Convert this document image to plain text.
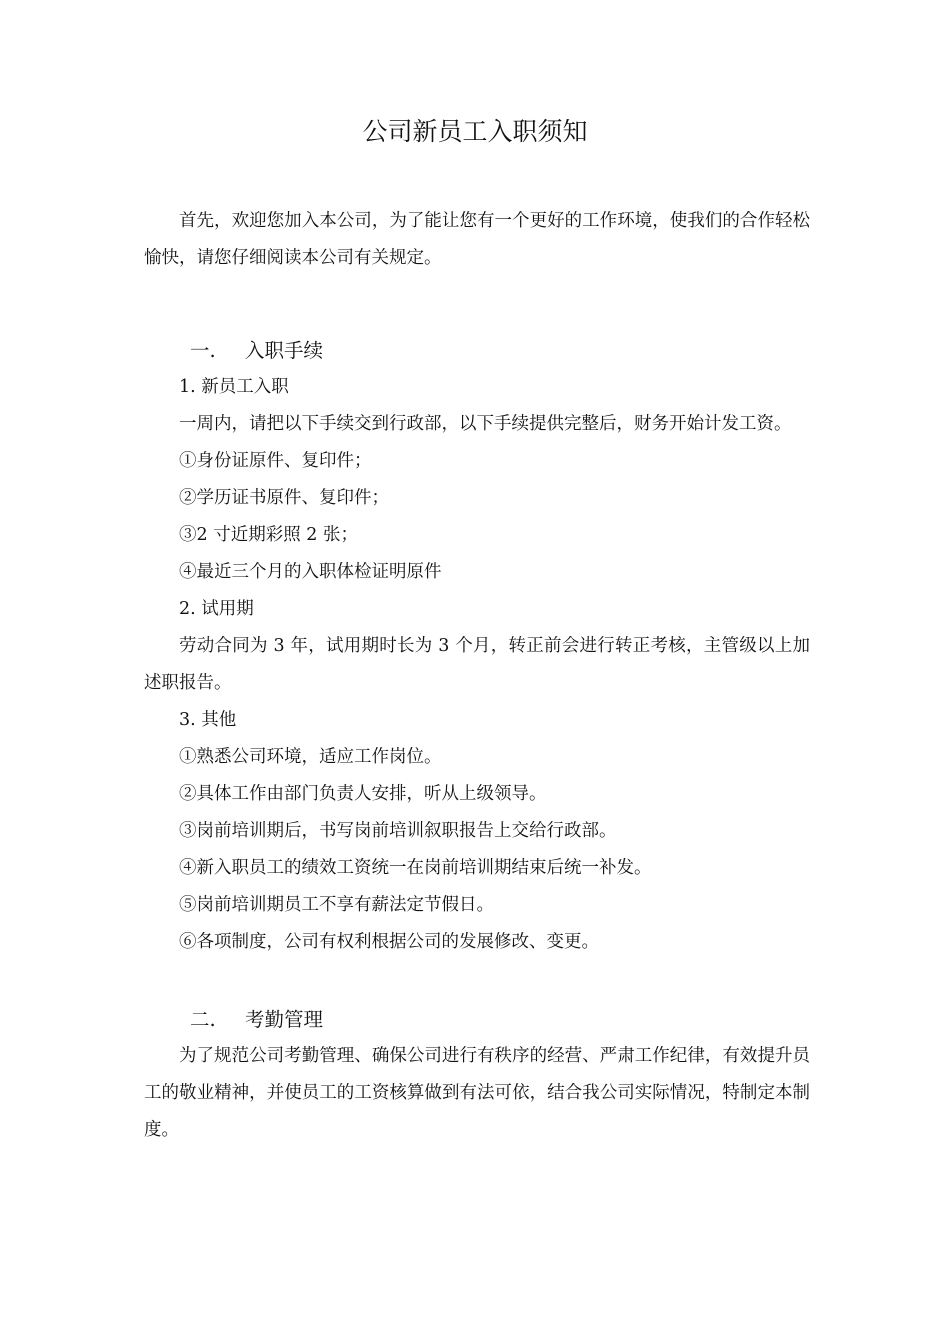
公司新员工入职须知

首先，欢迎您加入本公司，为了能让您有一个更好的工作环境，使我们的合作轻松愉快，请您仔细阅读本公司有关规定。

一. 入职手续

1. 新员工入职

一周内，请把以下手续交到行政部，以下手续提供完整后，财务开始计发工资。

①身份证原件、复印件；

②学历证书原件、复印件；

③2 寸近期彩照 2 张；

④最近三个月的入职体检证明原件

2. 试用期

劳动合同为 3 年，试用期时长为 3 个月，转正前会进行转正考核，主管级以上加述职报告。

3. 其他

①熟悉公司环境，适应工作岗位。

②具体工作由部门负责人安排，听从上级领导。

③岗前培训期后，书写岗前培训叙职报告上交给行政部。

④新入职员工的绩效工资统一在岗前培训期结束后统一补发。

⑤岗前培训期员工不享有薪法定节假日。

⑥各项制度，公司有权利根据公司的发展修改、变更。

二. 考勤管理

为了规范公司考勤管理、确保公司进行有秩序的经营、严肃工作纪律，有效提升员工的敬业精神，并使员工的工资核算做到有法可依，结合我公司实际情况，特制定本制度。
